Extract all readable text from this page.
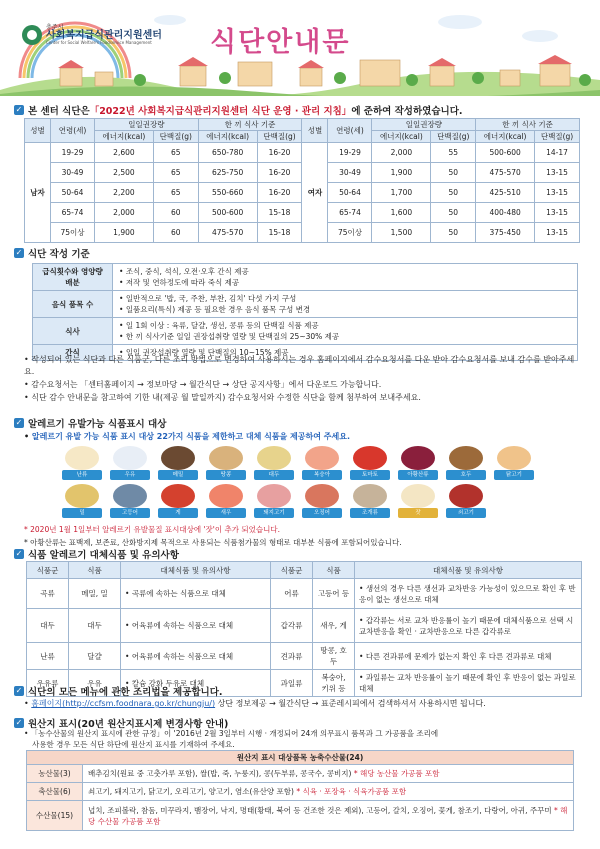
충주시
사회복지급식관리지원센터
Center for Social Welfare's Foodservice Management	식단안내문
✓ 본 센터 식단은 「2022년 사회복지급식관리지원센터 식단 운영 · 관리 지침」 에 준하여 작성하였습니다.
성별	연령(세)	일일권장량		한 끼 식사 기준		성별	연령(세)	일일권장량		한 끼 식사 기준	
		에너지(kcal)	단백질(g)	에너지(kcal)	단백질(g)			에너지(kcal)	단백질(g)	에너지(kcal)	단백질(g)
남자	19-29	2,600	65	650-780	16-20	여자	19-29	2,000	55	500-600	14-17
	30-49	2,500	65	625-750	16-20		30-49	1,900	50	475-570	13-15
	50-64	2,200	65	550-660	16-20		50-64	1,700	50	425-510	13-15
	65-74	2,000	60	500-600	15-18		65-74	1,600	50	400-480	13-15
	75이상	1,900	60	475-570	15-18		75이상	1,500	50	375-450	13-15
✓ 식단 작성 기준
급식횟수와 영양량 배분	• 조식, 중식, 석식, 오전·오후 간식 제공
• 저작 및 연하정도에 따라 죽식 제공

음식 품목 수	• 일반적으로 '밥, 국, 주찬, 부찬, 김치' 다섯 가지 구성
• 일품요리(특식) 제공 등 필요한 경우 음식 품목 구성 변경

식사	• 일 1회 이상 : 육류, 달걀, 생선, 콩류 등의 단백질 식품 제공
• 한 끼 식사기준 일일 권장섭취량 열량 및 단백질의 25~30% 제공

간식	• 일일 권장섭취량 열량 및 단백질의 10~15% 제공
• 작성되어 있는 식단과 다른 식품군, 다른 조리 방법으로 변경하여 사용하시는 경우 홈페이지에서 감수요청서를 다운 받아 감수요청서를 보내 감수를 받아주세요.
• 감수요청서는 「센터홈페이지 → 정보마당 → 월간식단 → 상단 공지사항」에서 다운로드 가능합니다.
• 식단 감수 안내문을 참고하여 기한 내(제공 월 말일까지) 감수요청서와 수정한 식단을 함께 첨부하여 보내주세요.
✓ 알레르기 유발가능 식품표시 대상
• 알레르기 유발 가능 식품 표시 대상 22가지 식품을 제한하고 대체 식품을 제공하여 주세요.
난류	우유	메밀	땅콩	대두	복숭아	토마토	아황산류	호두	닭고기
밀	고등어	게	새우	돼지고기	오징어	조개류	잣	쇠고기
* 2020년 1월 1일부터 알레르기 유발물질 표시대상에 '잣'이 추가 되었습니다.
* 아황산류는 표백제, 보존료, 산화방지제 목적으로 사용되는 식품첨가물의 형태로 대부분 식품에 포함되어있습니다.
✓ 식품 알레르기 대체식품 및 유의사항
식품군	식품	대체식품 및 유의사항	식품군	식품	대체식품 및 유의사항
곡류	메밀, 밀	• 곡류에 속하는 식품으로 대체	어류	고등어 등	• 생선의 경우 다른 생선과 교차반응 가능성이 있으므로 확인 후 반응이 없는 생선으로 대체
대두	대두	• 어육류에 속하는 식품으로 대체	갑각류	새우, 게	• 갑각류는 서로 교차 반응률이 높기 때문에 대체식품으로 선택 시 교차반응을 확인 · 교차반응으로 다른 갑각류로
난류	달걀	• 어육류에 속하는 식품으로 대체	견과류	땅콩, 호두	• 다른 견과류에 문제가 없는지 확인 후 다른 견과류로 대체
우유류	우유	• 칼슘 강화 두유로 대체	과일류	복숭아, 키위 등	• 과일류는 교차 반응률이 높기 때문에 확인 후 반응이 없는 과일로 대체
✓ 식단의 모든 메뉴에 관한 조리법을 제공합니다.
• 홈페이지(http://ccfsm.foodnara.go.kr/chungju/) 상단 정보제공 → 월간식단 → 표준레시피에서 검색하셔서 사용하시면 됩니다.
✓ 원산지 표시(20년 원산지표시제 변경사항 안내)
• 「농수산물의 원산지 표시에 관한 규정」이 '2016년 2월 3일부터 시행 · 개정되어 24개 의무표시 품목과 그 가공품을 조리에
사용한 경우 모든 식단 하단에 원산지 표시를 기재하여 주세요.
원산지 표시 대상품목 농축수산물(24)	
농산물(3)	배추김치(원료 중 고춧가루 포함), 쌀(밥, 죽, 누룽지), 콩(두부류, 콩국수, 콩비지) * 해당 농산물 가공품 포함
축산물(6)	쇠고기, 돼지고기, 닭고기, 오리고기, 양고기, 염소(유산양 포함) * 식육 · 포장육 · 식육가공품 포함
수산물(15)	넙치, 조피볼락, 참돔, 미꾸라지, 뱀장어, 낙지, 명태(황태, 북어 등 건조한 것은 제외), 고등어, 갈치, 오징어, 꽃게, 참조기, 다랑어, 아귀, 주꾸미 * 해당 수산물 가공품 포함
